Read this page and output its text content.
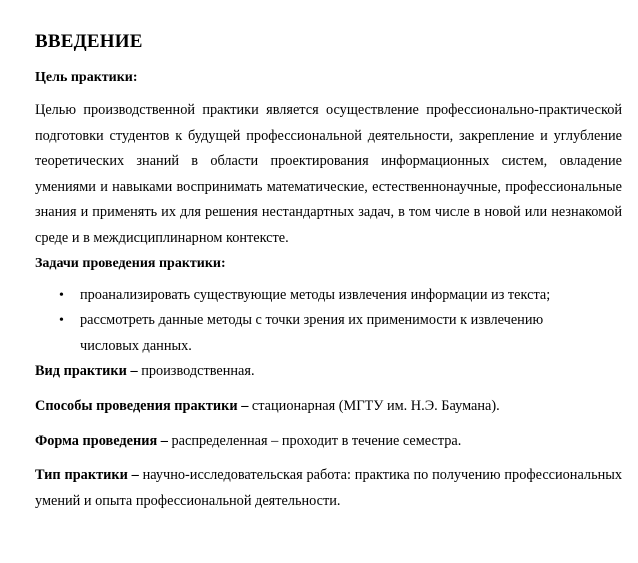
ВВЕДЕНИЕ

Цель практики:

Целью производственной практики является осуществление профессионально-практической подготовки студентов к будущей профессиональной деятельности, закрепление и углубление теоретических знаний в области проектирования информационных систем, овладение умениями и навыками воспринимать математические, естественнонаучные, профессиональные знания и применять их для решения нестандартных задач, в том числе в новой или незнакомой среде и в междисциплинарном контексте.

Задачи проведения практики:

• проанализировать существующие методы извлечения информации из текста;
• рассмотреть данные методы с точки зрения их применимости к извлечению числовых данных.

Вид практики – производственная.

Способы проведения практики – стационарная (МГТУ им. Н.Э. Баумана).

Форма проведения – распределенная – проходит в течение семестра.

Тип практики – научно-исследовательская работа: практика по получению профессиональных умений и опыта профессиональной деятельности.
